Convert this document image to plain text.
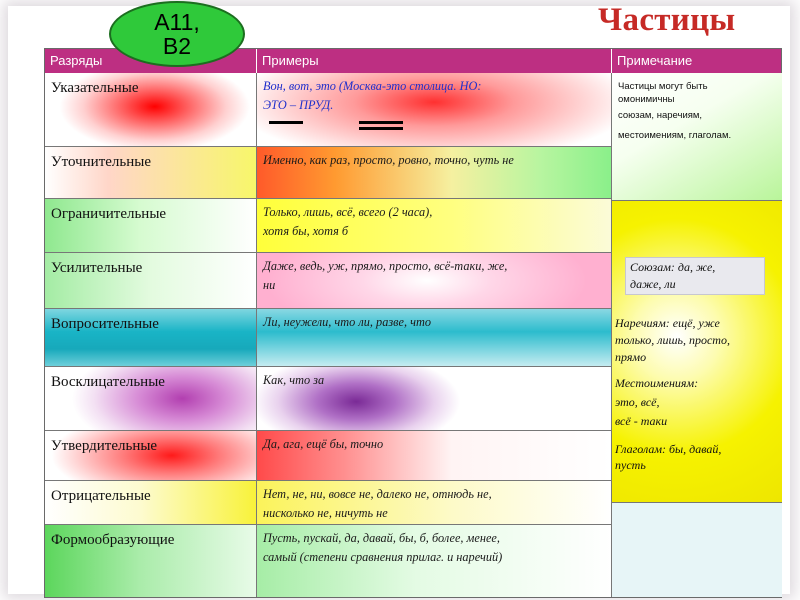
Частицы
A11,
B2
Разряды	Примеры	Примечание
Указательные	Вон, вот, это (Москва-это столица. НО:
ЭТО – ПРУД.
Уточнительные	Именно, как раз, просто, ровно, точно, чуть не
Ограничительные	Только, лишь, всё, всего (2 часа),
хотя бы, хотя б
Усилительные	Даже, ведь, уж, прямо, просто, всё-таки, же,
ни
Вопросительные	Ли, неужели, что ли, разве, что
Восклицательные	Как, что за
Утвердительные	Да, ага, ещё бы, точно
Отрицательные	Нет, не, ни, вовсе не, далеко не, отнюдь не,
нисколько не, ничуть не
Формообразующие	Пусть, пускай, да, давай, бы, б, более, менее,
самый (степени сравнения прилаг. и наречий)
Частицы могут быть
омонимичны
союзам, наречиям,
местоимениям, глаголам.
Союзам: да, же,
даже, ли
Наречиям: ещё, уже
только, лишь, просто,
прямо
Местоимениям:
это, всё,
всё - таки
Глаголам: бы, давай,
пусть
